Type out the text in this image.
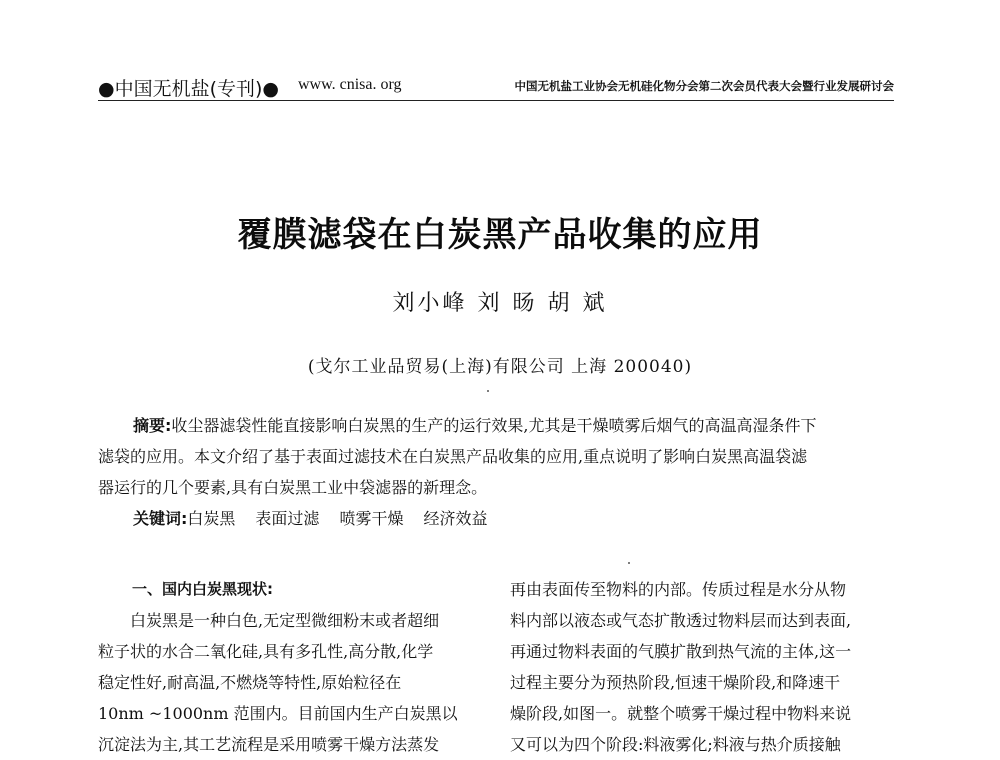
●中国无机盐(专刊)● www. cnisa. org	中国无机盐工业协会无机硅化物分会第二次会员代表大会暨行业发展研讨会
覆膜滤袋在白炭黑产品收集的应用
刘小峰 刘 旸 胡 斌
(戈尔工业品贸易(上海)有限公司 上海 200040)
摘要:收尘器滤袋性能直接影响白炭黑的生产的运行效果,尤其是干燥喷雾后烟气的高温高湿条件下
滤袋的应用。本文介绍了基于表面过滤技术在白炭黑产品收集的应用,重点说明了影响白炭黑高温袋滤
器运行的几个要素,具有白炭黑工业中袋滤器的新理念。
关键词:白炭黑 表面过滤 喷雾干燥 经济效益
一、国内白炭黑现状:
白炭黑是一种白色,无定型微细粉末或者超细
粒子状的水合二氧化硅,具有多孔性,高分散,化学
稳定性好,耐高温,不燃烧等特性,原始粒径在
10nm ~1000nm 范围内。目前国内生产白炭黑以
沉淀法为主,其工艺流程是采用喷雾干燥方法蒸发
再由表面传至物料的内部。传质过程是水分从物
料内部以液态或气态扩散透过物料层而达到表面,
再通过物料表面的气膜扩散到热气流的主体,这一
过程主要分为预热阶段,恒速干燥阶段,和降速干
燥阶段,如图一。就整个喷雾干燥过程中物料来说
又可以为四个阶段:料液雾化;料液与热介质接触
